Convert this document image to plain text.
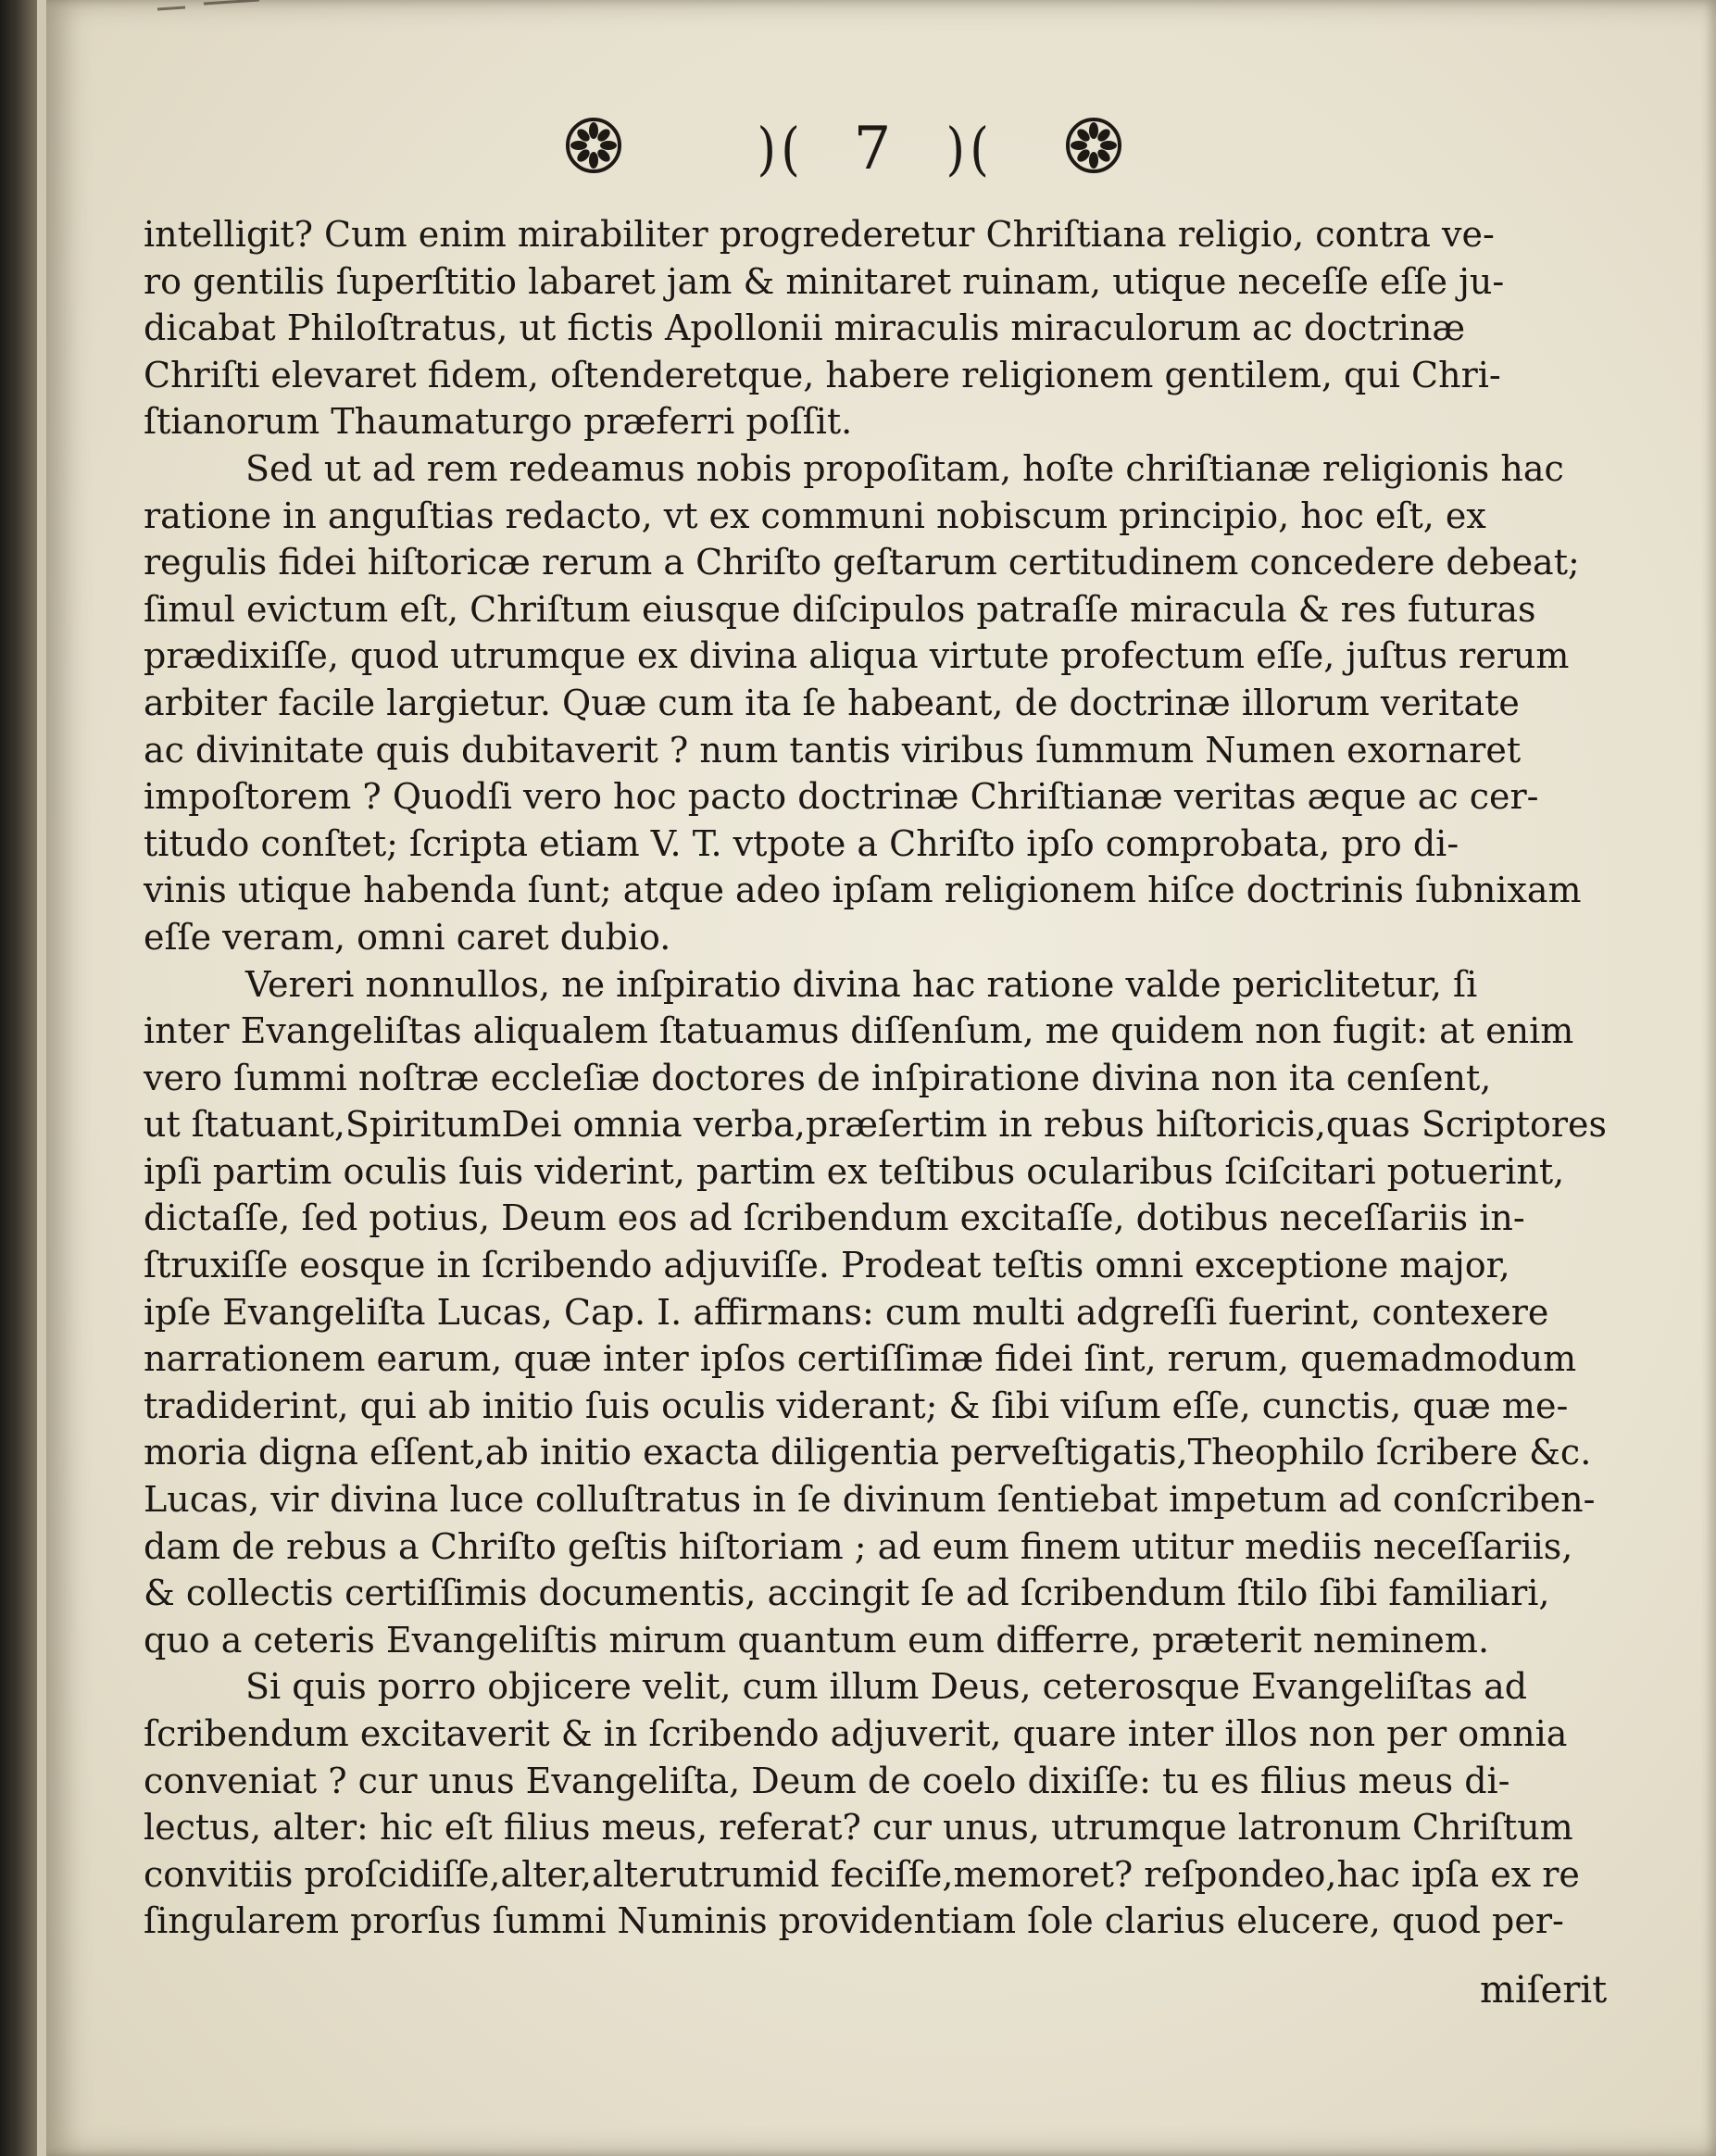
)( 7 )(
intelligit? Cum enim mirabiliter progrederetur Chriſtiana religio, contra ve-
ro gentilis ſuperſtitio labaret jam & minitaret ruinam, utique neceſſe eſſe ju-
dicabat Philoſtratus, ut fictis Apollonii miraculis miraculorum ac doctrinæ
Chriſti elevaret fidem, oſtenderetque, habere religionem gentilem, qui Chri-
ſtianorum Thaumaturgo præferri poſſit.
Sed ut ad rem redeamus nobis propoſitam, hoſte chriſtianæ religionis hac
ratione in anguſtias redacto, vt ex communi nobiscum principio, hoc eſt, ex
regulis fidei hiſtoricæ rerum a Chriſto geſtarum certitudinem concedere debeat;
ſimul evictum eſt, Chriſtum eiusque diſcipulos patraſſe miracula & res futuras
prædixiſſe, quod utrumque ex divina aliqua virtute profectum eſſe, juſtus rerum
arbiter facile largietur. Quæ cum ita ſe habeant, de doctrinæ illorum veritate
ac divinitate quis dubitaverit ? num tantis viribus ſummum Numen exornaret
impoſtorem ? Quodſi vero hoc pacto doctrinæ Chriſtianæ veritas æque ac cer-
titudo conſtet; ſcripta etiam V. T. vtpote a Chriſto ipſo comprobata, pro di-
vinis utique habenda ſunt; atque adeo ipſam religionem hiſce doctrinis ſubnixam
eſſe veram, omni caret dubio.
Vereri nonnullos, ne inſpiratio divina hac ratione valde periclitetur, ſi
inter Evangeliſtas aliqualem ſtatuamus diſſenſum, me quidem non fugit: at enim
vero ſummi noſtræ eccleſiæ doctores de inſpiratione divina non ita cenſent,
ut ſtatuant,SpiritumDei omnia verba,præſertim in rebus hiſtoricis,quas Scriptores
ipſi partim oculis ſuis viderint, partim ex teſtibus ocularibus ſciſcitari potuerint,
dictaſſe, ſed potius, Deum eos ad ſcribendum excitaſſe, dotibus neceſſariis in-
ſtruxiſſe eosque in ſcribendo adjuviſſe. Prodeat teſtis omni exceptione major,
ipſe Evangeliſta Lucas, Cap. I. affirmans: cum multi adgreſſi fuerint, contexere
narrationem earum, quæ inter ipſos certiſſimæ fidei ſint, rerum, quemadmodum
tradiderint, qui ab initio ſuis oculis viderant; & ſibi viſum eſſe, cunctis, quæ me-
moria digna eſſent,ab initio exacta diligentia perveſtigatis,Theophilo ſcribere &c.
Lucas, vir divina luce colluſtratus in ſe divinum ſentiebat impetum ad conſcriben-
dam de rebus a Chriſto geſtis hiſtoriam ; ad eum finem utitur mediis neceſſariis,
& collectis certiſſimis documentis, accingit ſe ad ſcribendum ſtilo ſibi familiari,
quo a ceteris Evangeliſtis mirum quantum eum differre, præterit neminem.
Si quis porro objicere velit, cum illum Deus, ceterosque Evangeliſtas ad
ſcribendum excitaverit & in ſcribendo adjuverit, quare inter illos non per omnia
conveniat ? cur unus Evangeliſta, Deum de coelo dixiſſe: tu es filius meus di-
lectus, alter: hic eſt filius meus, referat? cur unus, utrumque latronum Chriſtum
convitiis proſcidiſſe,alter,alterutrumid feciſſe,memoret? reſpondeo,hac ipſa ex re
ſingularem prorſus ſummi Numinis providentiam ſole clarius elucere, quod per-
miſerit
